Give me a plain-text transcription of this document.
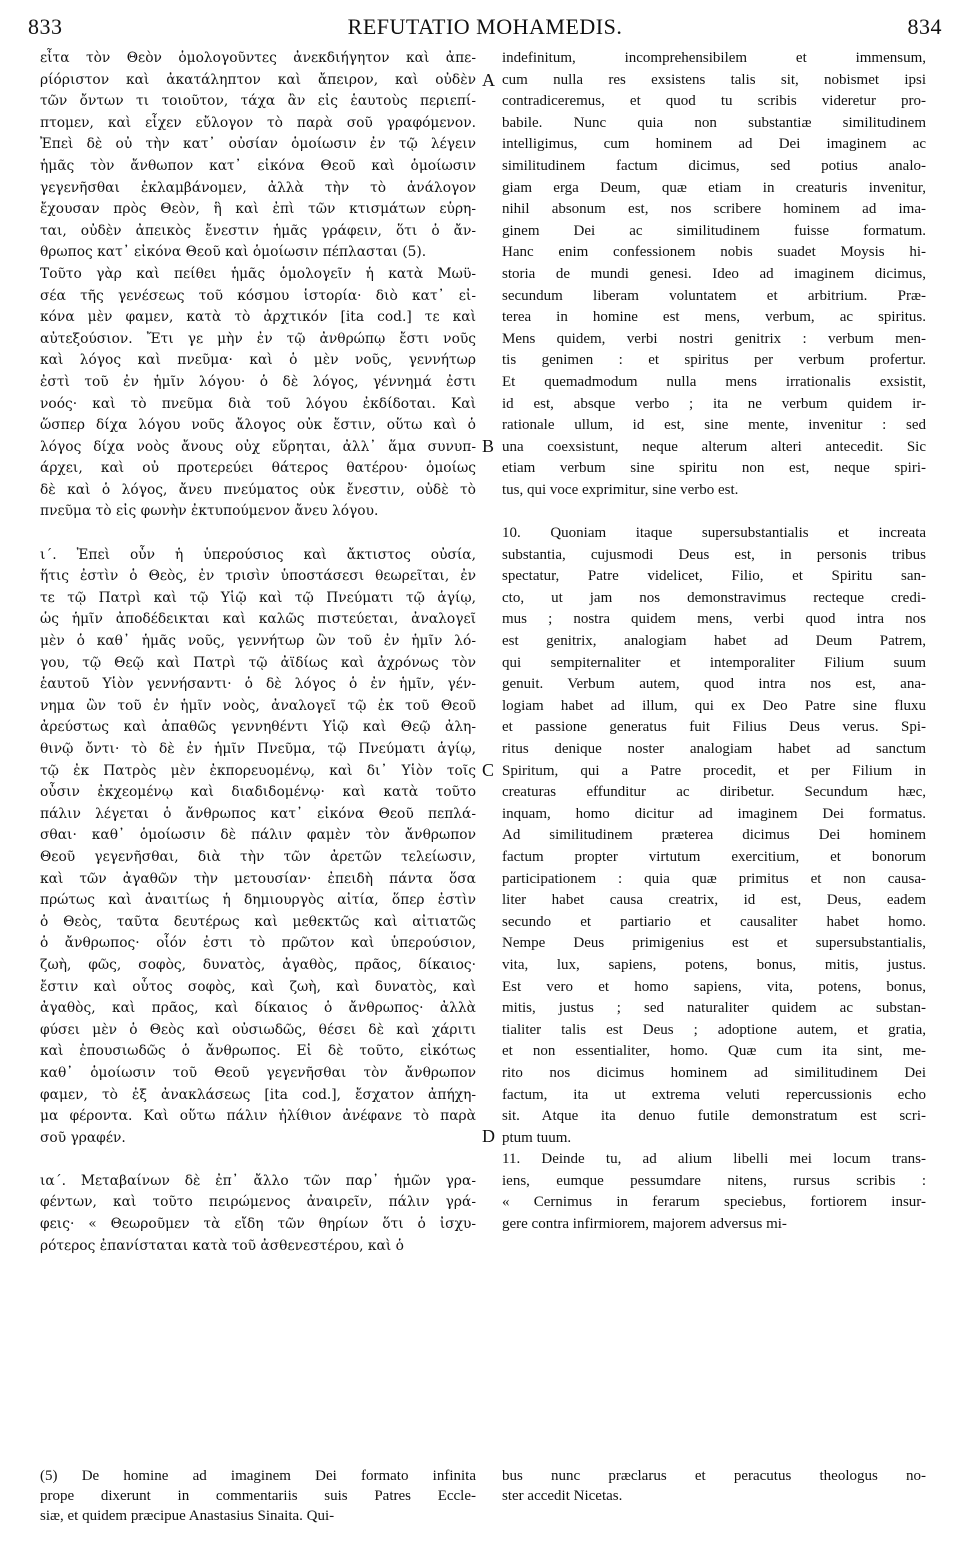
833	REFUTATIO MOHAMEDIS.	834
εἶτα τὸν Θεὸν ὁμολογοῦντες ἀνεκδιήγητον καὶ ἀπε-
ρίόριστον καὶ ἀκατάληπτον καὶ ἄπειρον, καὶ οὐδὲν
τῶν ὄντων τι τοιοῦτον, τάχα ἂν εἰς ἑαυτοὺς περιεπί-
πτομεν, καὶ εἶχεν εὔλογον τὸ παρὰ σοῦ γραφόμενον.
Ἐπεὶ δὲ οὐ τὴν κατ᾽ οὐσίαν ὁμοίωσιν ἐν τῷ λέγειν
ἡμᾶς τὸν ἄνθωπον κατ᾽ εἰκόνα Θεοῦ καὶ ὁμοίωσιν
γεγενῆσθαι ἐκλαμβάνομεν, ἀλλὰ τὴν τὸ ἀνάλογον
ἔχουσαν πρὸς Θεὸν, ἣ καὶ ἐπὶ τῶν κτισμάτων εὑρη-
ται, οὐδὲν ἀπεικὸς ἔνεστιν ἡμᾶς γράφειν, ὅτι ὁ ἄν-
θρωπος κατ᾽ εἰκόνα Θεοῦ καὶ ὁμοίωσιν πέπλασται (5).
Τοῦτο γὰρ καὶ πείθει ἡμᾶς ὁμολογεῖν ἡ κατὰ Μωϋ-
σέα τῆς γενέσεως τοῦ κόσμου ἱστορία· διὸ κατ᾽ εἰ-
κόνα μὲν φαμεν, κατὰ τὸ ἀρχτικόν [ita cod.] τε καὶ
αὐτεξούσιον. Ἔτι γε μὴν ἐν τῷ ἀνθρώπῳ ἔστι νοῦς
καὶ λόγος καὶ πνεῦμα· καὶ ὁ μὲν νοῦς, γεννήτωρ
ἐστὶ τοῦ ἐν ἡμῖν λόγου· ὁ δὲ λόγος, γέννημά ἐστι
νοός· καὶ τὸ πνεῦμα διὰ τοῦ λόγου ἐκδίδοται. Καὶ
ὥσπερ δίχα λόγου νοῦς ἄλογος οὐκ ἔστιν, οὕτω καὶ ὁ
λόγος δίχα νοὸς ἄνους οὐχ εὕρηται, ἀλλ᾽ ἅμα συνυπ-
άρχει, καὶ οὐ προτερεύει θάτερος θατέρου· ὁμοίως
δὲ καὶ ὁ λόγος, ἄνευ πνεύματος οὐκ ἔνεστιν, οὐδὲ τὸ
πνεῦμα τὸ εἰς φωνὴν ἐκτυπούμενον ἄνευ λόγου.
ι΄. Ἐπεὶ οὖν ἡ ὑπερούσιος καὶ ἄκτιστος οὐσία,
ἥτις ἐστὶν ὁ Θεὸς, ἐν τρισὶν ὑποστάσεσι θεωρεῖται, ἐν
τε τῷ Πατρὶ καὶ τῷ Υἱῷ καὶ τῷ Πνεύματι τῷ ἁγίῳ,
ὡς ἡμῖν ἀποδέδεικται καὶ καλῶς πιστεύεται, ἀναλογεῖ
μὲν ὁ καθ᾽ ἡμᾶς νοῦς, γεννήτωρ ὢν τοῦ ἐν ἡμῖν λό-
γου, τῷ Θεῷ καὶ Πατρὶ τῷ ἀϊδίως καὶ ἀχρόνως τὸν
ἑαυτοῦ Υἱὸν γεννήσαντι· ὁ δὲ λόγος ὁ ἐν ἡμῖν, γέν-
νημα ὢν τοῦ ἐν ἡμῖν νοὸς, ἀναλογεῖ τῷ ἐκ τοῦ Θεοῦ
ἀρεύστως καὶ ἀπαθῶς γεννηθέντι Υἱῷ καὶ Θεῷ ἀλη-
θινῷ ὄντι· τὸ δὲ ἐν ἡμῖν Πνεῦμα, τῷ Πνεύματι ἁγίῳ,
τῷ ἐκ Πατρὸς μὲν ἐκπορευομένῳ, καὶ δι᾽ Υἱὸν τοῖς
οὖσιν ἐκχεομένῳ καὶ διαδιδομένῳ· καὶ κατὰ τοῦτο
πάλιν λέγεται ὁ ἄνθρωπος κατ᾽ εἰκόνα Θεοῦ πεπλά-
σθαι· καθ᾽ ὁμοίωσιν δὲ πάλιν φαμὲν τὸν ἄνθρωπον
Θεοῦ γεγενῆσθαι, διὰ τὴν τῶν ἀρετῶν τελείωσιν,
καὶ τῶν ἀγαθῶν τὴν μετουσίαν· ἐπειδὴ πάντα ὅσα
πρώτως καὶ ἀναιτίως ἡ δημιουργὸς αἰτία, ὅπερ ἐστὶν
ὁ Θεὸς, ταῦτα δευτέρως καὶ μεθεκτῶς καὶ αἰτιατῶς
ὁ ἄνθρωπος· οἷόν ἐστι τὸ πρῶτον καὶ ὑπερούσιον,
ζωὴ, φῶς, σοφὸς, δυνατὸς, ἀγαθὸς, πρᾶος, δίκαιος·
ἔστιν καὶ οὗτος σοφὸς, καὶ ζωὴ, καὶ δυνατὸς, καὶ
ἀγαθὸς, καὶ πρᾶος, καὶ δίκαιος ὁ ἄνθρωπος· ἀλλὰ
φύσει μὲν ὁ Θεὸς καὶ οὐσιωδῶς, θέσει δὲ καὶ χάριτι
καὶ ἐπουσιωδῶς ὁ ἄνθρωπος. Εἰ δὲ τοῦτο, εἰκότως
καθ᾽ ὁμοίωσιν τοῦ Θεοῦ γεγενῆσθαι τὸν ἄνθρωπον
φαμεν, τὸ ἐξ ἀνακλάσεως [ita cod.], ἔσχατον ἀπήχη-
μα φέροντα. Καὶ οὕτω πάλιν ἠλίθιον ἀνέφανε τὸ παρὰ
σοῦ γραφέν.
ια΄. Μεταβαίνων δὲ ἐπ᾽ ἄλλο τῶν παρ᾽ ἡμῶν γρα-
φέντων, καὶ τοῦτο πειρώμενος ἀναιρεῖν, πάλιν γρά-
φεις· « Θεωροῦμεν τὰ εἴδη τῶν θηρίων ὅτι ὁ ἰσχυ-
ρότερος ἐπανίσταται κατὰ τοῦ ἀσθενεστέρου, καὶ ὁ
indefinitum, incomprehensibilem et immensum,
cum nulla res exsistens talis sit, nobismet ipsi
contradiceremus, et quod tu scribis videretur pro-
babile. Nunc quia non substantiæ similitudinem
intelligimus, cum hominem ad Dei imaginem ac
similitudinem factum dicimus, sed potius analo-
giam erga Deum, quæ etiam in creaturis invenitur,
nihil absonum est, nos scribere hominem ad ima-
ginem Dei ac similitudinem fuisse formatum.
Hanc enim confessionem nobis suadet Moysis hi-
storia de mundi genesi. Ideo ad imaginem dicimus,
secundum liberam voluntatem et arbitrium. Præ-
terea in homine est mens, verbum, ac spiritus.
Mens quidem, verbi nostri genitrix : verbum men-
tis genimen : et spiritus per verbum profertur.
Et quemadmodum nulla mens irrationalis exsistit,
id est, absque verbo ; ita ne verbum quidem ir-
rationale ullum, id est, sine mente, invenitur : sed
una coexsistunt, neque alterum alteri antecedit. Sic
etiam verbum sine spiritu non est, neque spiri-
tus, qui voce exprimitur, sine verbo est.
10. Quoniam itaque supersubstantialis et increata
substantia, cujusmodi Deus est, in personis tribus
spectatur, Patre videlicet, Filio, et Spiritu san-
cto, ut jam nos demonstravimus recteque credi-
mus ; nostra quidem mens, verbi quod intra nos
est genitrix, analogiam habet ad Deum Patrem,
qui sempiternaliter et intemporaliter Filium suum
genuit. Verbum autem, quod intra nos est, ana-
logiam habet ad illum, qui ex Deo Patre sine fluxu
et passione generatus fuit Filius Deus verus. Spi-
ritus denique noster analogiam habet ad sanctum
Spiritum, qui a Patre procedit, et per Filium in
creaturas effunditur ac diribetur. Secundum hæc,
inquam, homo dicitur ad imaginem Dei formatus.
Ad similitudinem præterea dicimus Dei hominem
factum propter virtutum exercitium, et bonorum
participationem : quia quæ primitus et non causa-
liter habet causa creatrix, id est, Deus, eadem
secundo et partiario et causaliter habet homo.
Nempe Deus primigenius est et supersubstantialis,
vita, lux, sapiens, potens, bonus, mitis, justus.
Est vero et homo sapiens, vita, potens, bonus,
mitis, justus ; sed naturaliter quidem ac substan-
tialiter talis est Deus ; adoptione autem, et gratia,
et non essentialiter, homo. Quæ cum ita sint, me-
rito nos dicimus hominem ad similitudinem Dei
factum, ita ut extrema veluti repercussionis echo
sit. Atque ita denuo futile demonstratum est scri-
ptum tuum.
11. Deinde tu, ad alium libelli mei locum trans-
iens, eumque pessumdare nitens, rursus scribis :
« Cernimus in ferarum speciebus, fortiorem insur-
gere contra infirmiorem, majorem adversus mi-
A
B
C
D
(5) De homine ad imaginem Dei formato infinita
prope dixerunt in commentariis suis Patres Eccle-
siæ, et quidem præcipue Anastasius Sinaita. Qui-
bus nunc præclarus et peracutus theologus no-
ster accedit Nicetas.
